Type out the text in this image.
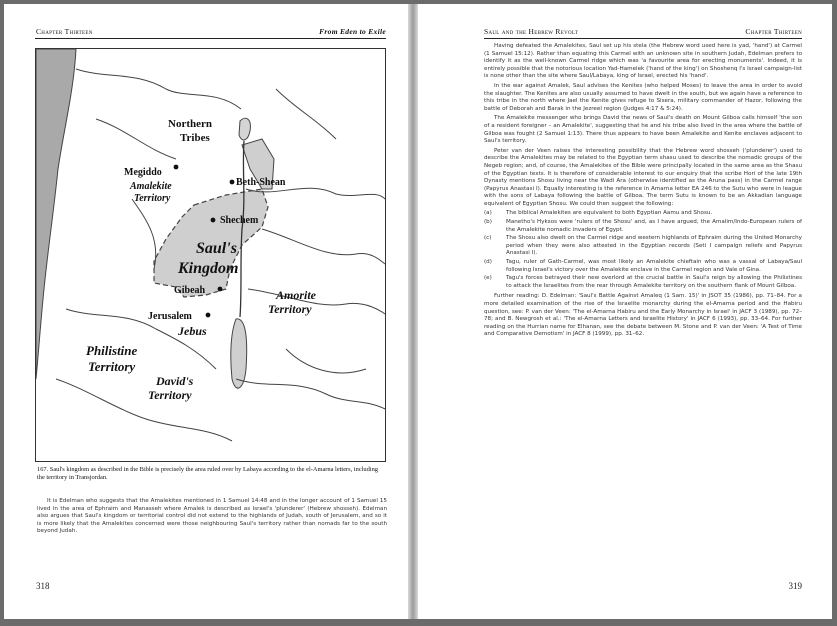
Chapter Thirteen	From Eden to Exile
Northern
Tribes
Megiddo
Amalekite
Territory
Beth-Shean
Shechem
Saul's
Kingdom
Gibeah	Amorite
Territory
Jerusalem
Jebus
Philistine
Territory
David's
Territory
167. Saul's kingdom as described in the Bible is precisely the area ruled over by Labaya according to the el-Amarna letters, including the territory in Transjordan.

It is Edelman who suggests that the Amalekites mentioned in 1 Samuel 14:48 and in the longer account of 1 Samuel 15 lived in the area of Ephraim and Manasseh where Amalek is described as Israel's 'plunderer' (Hebrew shosseh). Edelman also argues that Saul's kingdom or territorial control did not extend to the highlands of Judah, south of Jerusalem, and so it is more likely that the Amalekites concerned were those neighbouring Saul's territory rather than nomads far to the south beyond Judah.

318
Saul and the Hebrew Revolt	Chapter Thirteen

Having defeated the Amalekites, Saul set up his stela (the Hebrew word used here is yad, 'hand') at Carmel (1 Samuel 15:12). Rather than equating this Carmel with an unknown site in southern Judah, Edelman prefers to identify it as the well-known Carmel ridge which was 'a favourite area for erecting monuments'. Indeed, it is entirely possible that the notorious location Yad-Hamelek ('hand of the king') on Shoshenq I's Israel campaign-list is none other than the site where Saul/Labaya, king of Israel, erected his 'hand'.

In the war against Amalek, Saul advises the Kenites (who helped Moses) to leave the area in order to avoid the slaughter. The Kenites are also usually assumed to have dwelt in the south, but we again have a reference to this tribe in the north where Jael the Kenite gives refuge to Sisera, military commander of Hazor, following the battle of Deborah and Barak in the Jezreel region (Judges 4:17 & 5:24).

The Amalekite messenger who brings David the news of Saul's death on Mount Gilboa calls himself 'the son of a resident foreigner – an Amalekite', suggesting that he and his tribe also lived in the area where the battle of Gilboa was fought (2 Samuel 1:13). There thus appears to have been Amalekite and Kenite enclaves adjacent to Saul's territory.

Peter van der Veen raises the interesting possibility that the Hebrew word shosseh ('plunderer') used to describe the Amalekites may be related to the Egyptian term shasu used to describe the nomadic groups of the Negeb region; and, of course, the Amalekites of the Bible were principally located in the same area as the Shasu of the Egyptian texts. It is therefore of considerable interest to our enquiry that the scribe Hori of the late 19th Dynasty mentions Shosu living near the Wadi Ara (otherwise identified as the Aruna pass) in the Carmel range (Papyrus Anastasi I). Equally interesting is the reference in Amarna letter EA 246 to the Sutu who were in league with the sons of Labaya following the battle of Gilboa. The term Sutu is known to be an Akkadian language equivalent of Egyptian Shosu. We could then suggest the following:

(a)	The biblical Amalekites are equivalent to both Egyptian Aamu and Shosu.
(b)	Manetho's Hyksos were 'rulers of the Shosu' and, as I have argued, the Amalim/Indo-European rulers of the Amalekite nomadic invaders of Egypt.
(c)	The Shosu also dwelt on the Carmel ridge and western highlands of Ephraim during the United Monarchy period when they were also attested in the Egyptian records (Seti I campaign reliefs and Papyrus Anastasi I).
(d)	Tagu, ruler of Gath-Carmel, was most likely an Amalekite chieftain who was a vassal of Labaya/Saul following Israel's victory over the Amalekite enclave in the Carmel region and Vale of Gina.
(e)	Tagu's forces betrayed their new overlord at the crucial battle in Saul's reign by allowing the Philistines to attack the Israelites from the rear through Amalekite territory on the southern flank of Mount Gilboa.

Further reading: D. Edelman: 'Saul's Battle Against Amaleq (1 Sam. 15)' in JSOT 35 (1986), pp. 71–84. For a more detailed examination of the rise of the Israelite monarchy during the el-Amarna period and the Habiru question, see: P. van der Veen: 'The el-Amarna Habiru and the Early Monarchy in Israel' in JACF 3 (1989), pp. 72–78; and B. Newgrosh et al.: 'The el-Amarna Letters and Israelite History' in JACF 6 (1993), pp. 33–64. For further reading on the Hurrian name for Elhanan, see the debate between M. Stone and P. van der Veen: 'A Test of Time and Comparative Demotism' in JACF 8 (1999), pp. 31–62.

319
